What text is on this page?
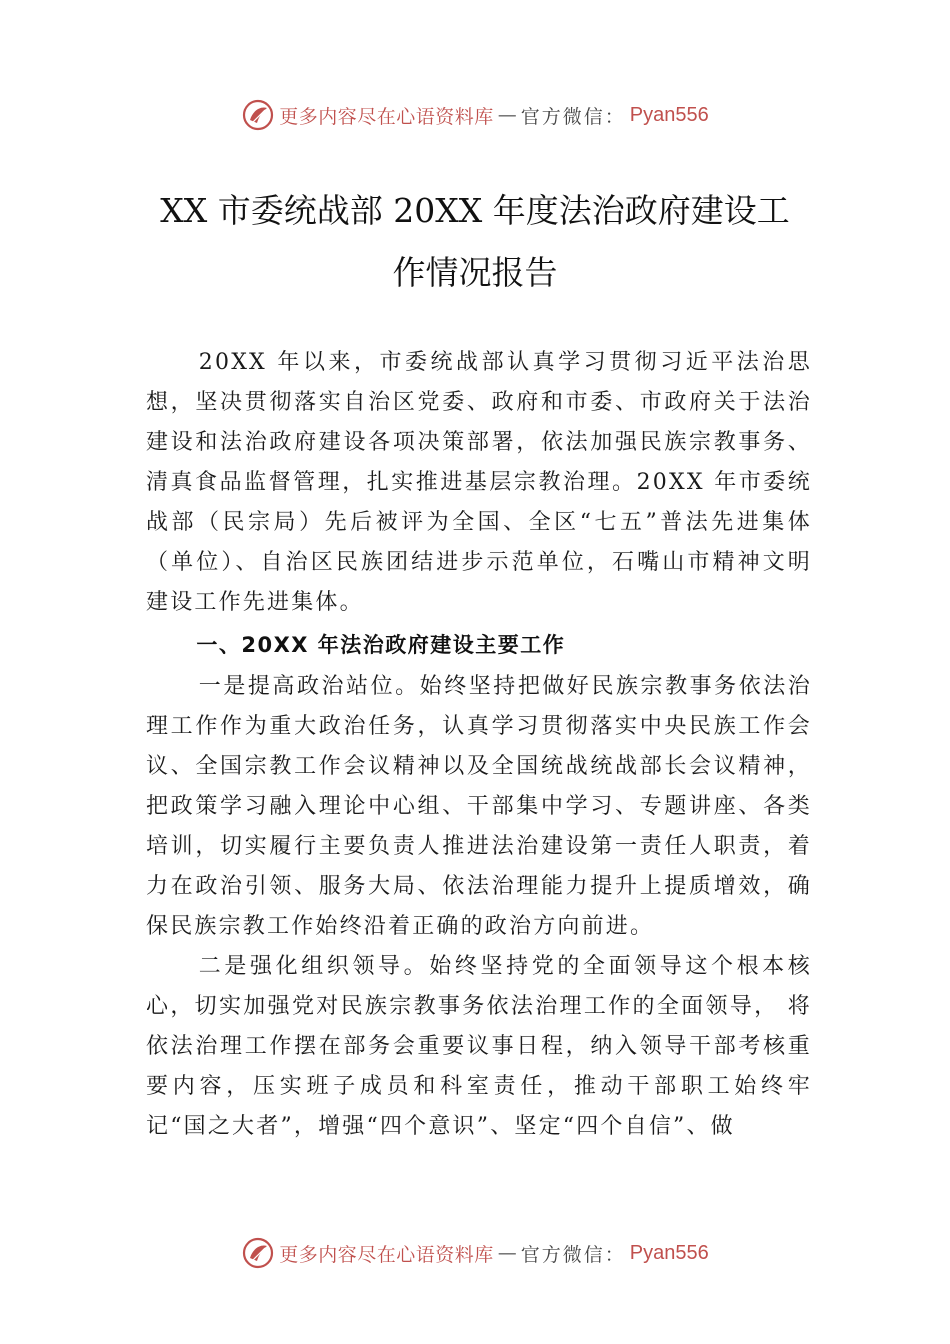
更多内容尽在心语资料库 — 官方微信： Pyan556
XX 市委统战部 20XX 年度法治政府建设工
作情况报告

20XX 年以来，市委统战部认真学习贯彻习近平法治思想，坚决贯彻落实自治区党委、政府和市委、市政府关于法治建设和法治政府建设各项决策部署，依法加强民族宗教事务、清真食品监督管理，扎实推进基层宗教治理。20XX 年市委统战部（民宗局）先后被评为全国、全区“七五”普法先进集体（单位）、自治区民族团结进步示范单位，石嘴山市精神文明建设工作先进集体。

一、20XX 年法治政府建设主要工作

一是提高政治站位。始终坚持把做好民族宗教事务依法治理工作作为重大政治任务，认真学习贯彻落实中央民族工作会议、全国宗教工作会议精神以及全国统战统战部长会议精神，把政策学习融入理论中心组、干部集中学习、专题讲座、各类培训，切实履行主要负责人推进法治建设第一责任人职责，着力在政治引领、服务大局、依法治理能力提升上提质增效，确保民族宗教工作始终沿着正确的政治方向前进。

二是强化组织领导。始终坚持党的全面领导这个根本核心，切实加强党对民族宗教事务依法治理工作的全面领导， 将依法治理工作摆在部务会重要议事日程，纳入领导干部考核重要内容，压实班子成员和科室责任，推动干部职工始终牢记“国之大者”，增强“四个意识”、坚定“四个自信”、做

更多内容尽在心语资料库 — 官方微信： Pyan556
